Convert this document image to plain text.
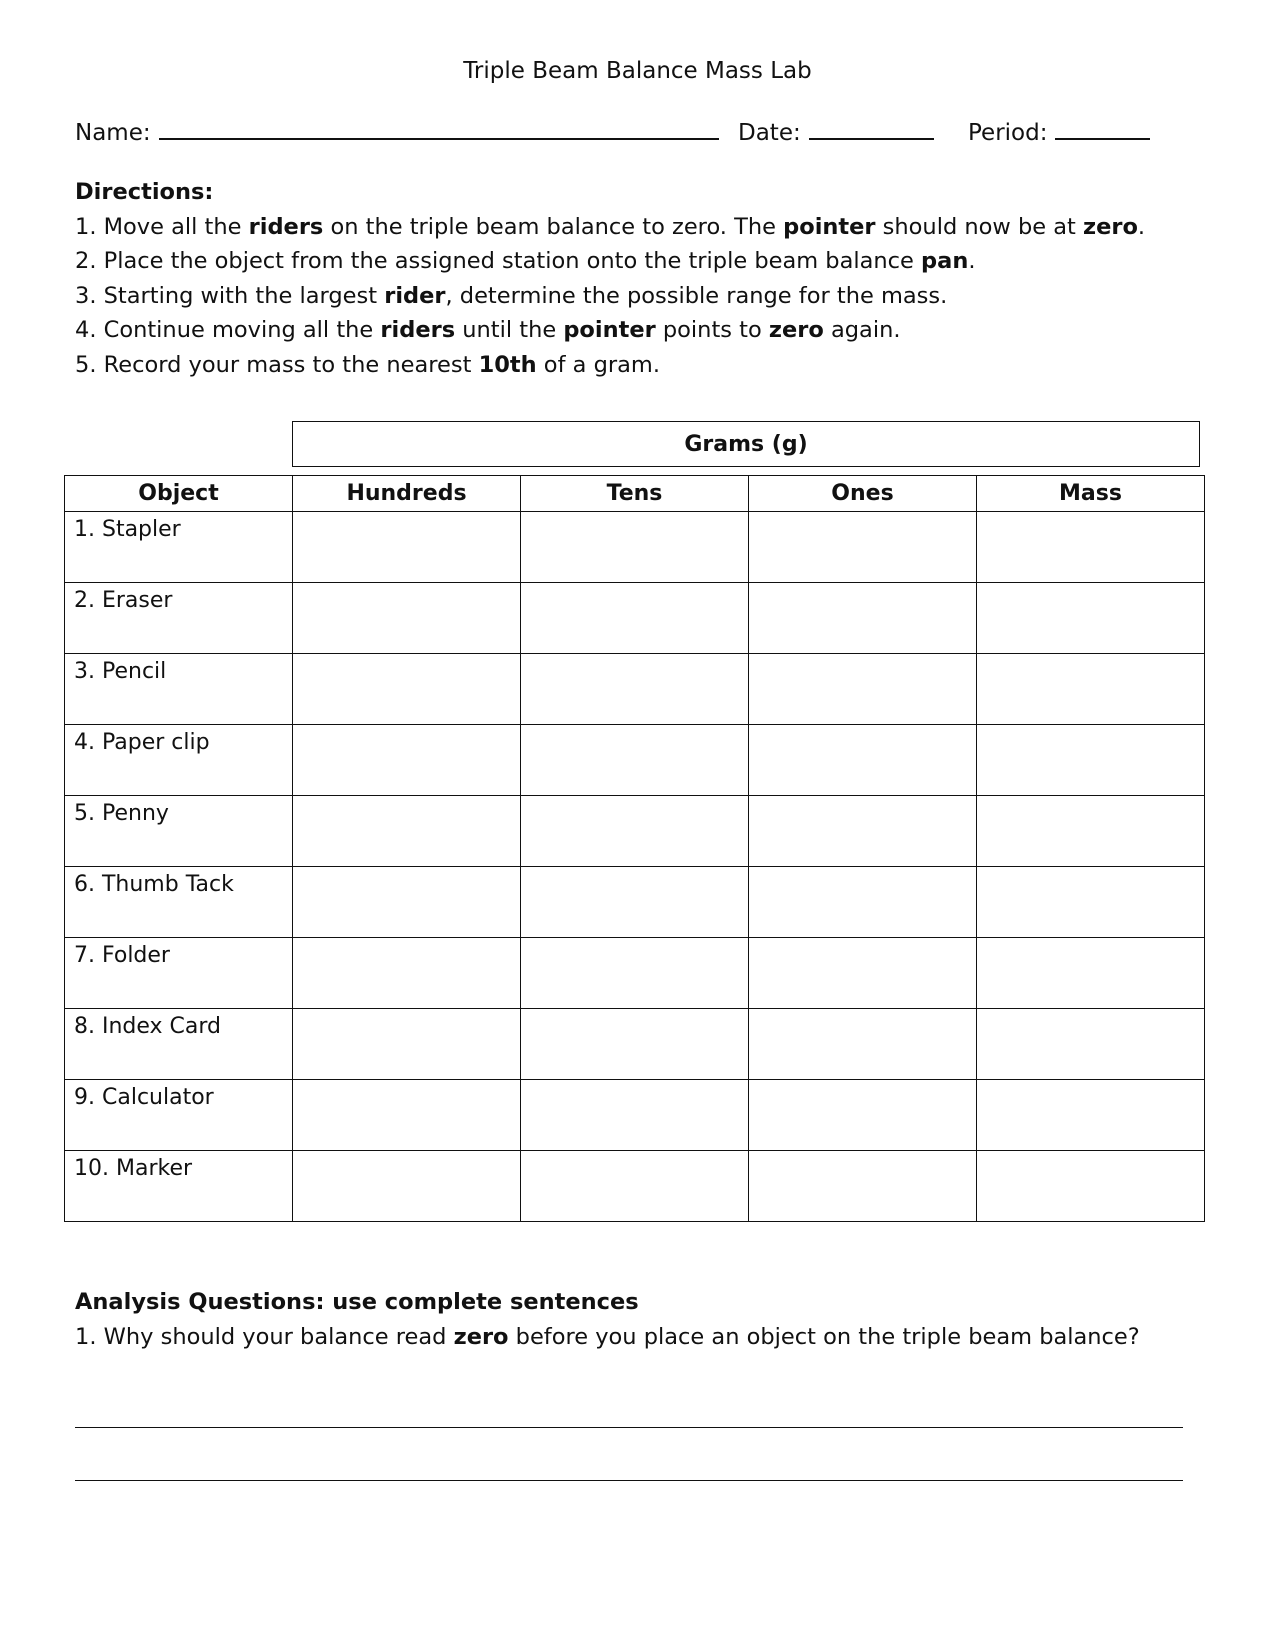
Triple Beam Balance Mass Lab
Name:	Date:	Period:
Directions:
1. Move all the riders on the triple beam balance to zero. The pointer should now be at zero.
2. Place the object from the assigned station onto the triple beam balance pan.
3. Starting with the largest rider, determine the possible range for the mass.
4. Continue moving all the riders until the pointer points to zero again.
5. Record your mass to the nearest 10th of a gram.
Grams (g)
Object	Hundreds	Tens	Ones	Mass
1. Stapler				
2. Eraser				
3. Pencil				
4. Paper clip				
5. Penny				
6. Thumb Tack				
7. Folder				
8. Index Card				
9. Calculator				
10. Marker				
Analysis Questions: use complete sentences
1. Why should your balance read zero before you place an object on the triple beam balance?
